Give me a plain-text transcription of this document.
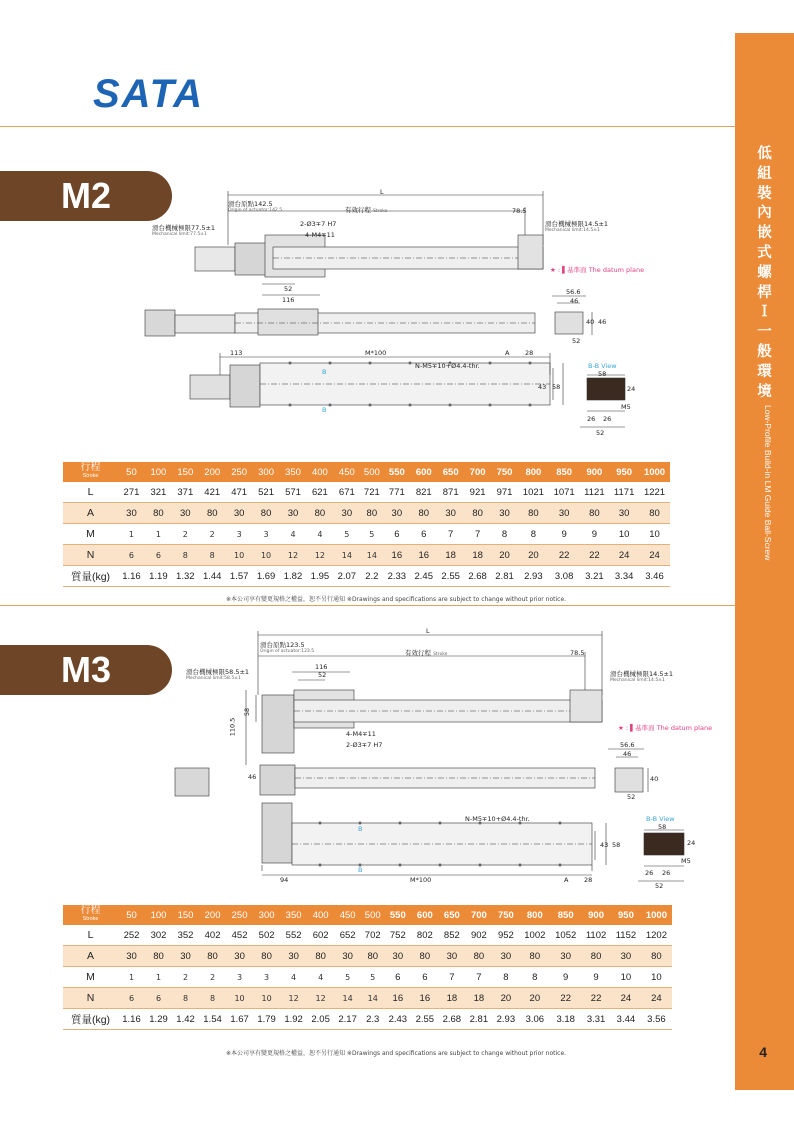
SATA
低
組
裝
內
嵌
式
螺
桿
Ｉ
一
般
環
境
Low-Profile Build-in LM Guide Ball-Screw
M2	L
滑台原點142.5
Origin of actuator:142.5	有效行程 Stroke	78.5
滑台機械極限77.5±1
Mechanical limit:77.5±1
滑台機械極限14.5±1
Mechanical limit:14.5±1
2-Ø3∓7 H7
4-M4∓11
★ : ▌基準面 The datum plane
52
116
56.6
46
40 46
52
113	M*100	A 28
N-M5∓10+Ø4.4-thr.
B
B
43 58
B-B View
58
24
M5
26 26
52
行程
Stroke	50	100	150	200	250	300	350	400	450	500	550	600	650	700	750	800	850	900	950	1000
L	271	321	371	421	471	521	571	621	671	721	771	821	871	921	971	1021	1071	1121	1171	1221
A	30	80	30	80	30	80	30	80	30	80	30	80	30	80	30	80	30	80	30	80
M	1	1	2	2	3	3	4	4	5	5	6	6	7	7	8	8	9	9	10	10
N	6	6	8	8	10	10	12	12	14	14	16	16	18	18	20	20	22	22	24	24
質量(kg)	1.16	1.19	1.32	1.44	1.57	1.69	1.82	1.95	2.07	2.2	2.33	2.45	2.55	2.68	2.81	2.93	3.08	3.21	3.34	3.46
※本公司享有變更規格之權益，恕不另行通知 ※Drawings and specifications are subject to change without prior notice.
M3
L
滑台原點123.5
Origin of actuator:123.5	有效行程 Stroke	78.5
116
52
滑台機械極限58.5±1
Mechanical limit:58.5±1
滑台機械極限14.5±1
Mechanical limit:14.5±1
58
110.5	4-M4∓11
2-Ø3∓7 H7
★ : ▌基準面 The datum plane
46
56.6
46
40
52
N-M5∓10+Ø4.4-thr.
B
B
43 58
94	M*100	A 28
B-B View
58
24
M5
26 26
52
行程
Stroke	50	100	150	200	250	300	350	400	450	500	550	600	650	700	750	800	850	900	950	1000
L	252	302	352	402	452	502	552	602	652	702	752	802	852	902	952	1002	1052	1102	1152	1202
A	30	80	30	80	30	80	30	80	30	80	30	80	30	80	30	80	30	80	30	80
M	1	1	2	2	3	3	4	4	5	5	6	6	7	7	8	8	9	9	10	10
N	6	6	8	8	10	10	12	12	14	14	16	16	18	18	20	20	22	22	24	24
質量(kg)	1.16	1.29	1.42	1.54	1.67	1.79	1.92	2.05	2.17	2.3	2.43	2.55	2.68	2.81	2.93	3.06	3.18	3.31	3.44	3.56
※本公司享有變更規格之權益，恕不另行通知 ※Drawings and specifications are subject to change without prior notice.	4
